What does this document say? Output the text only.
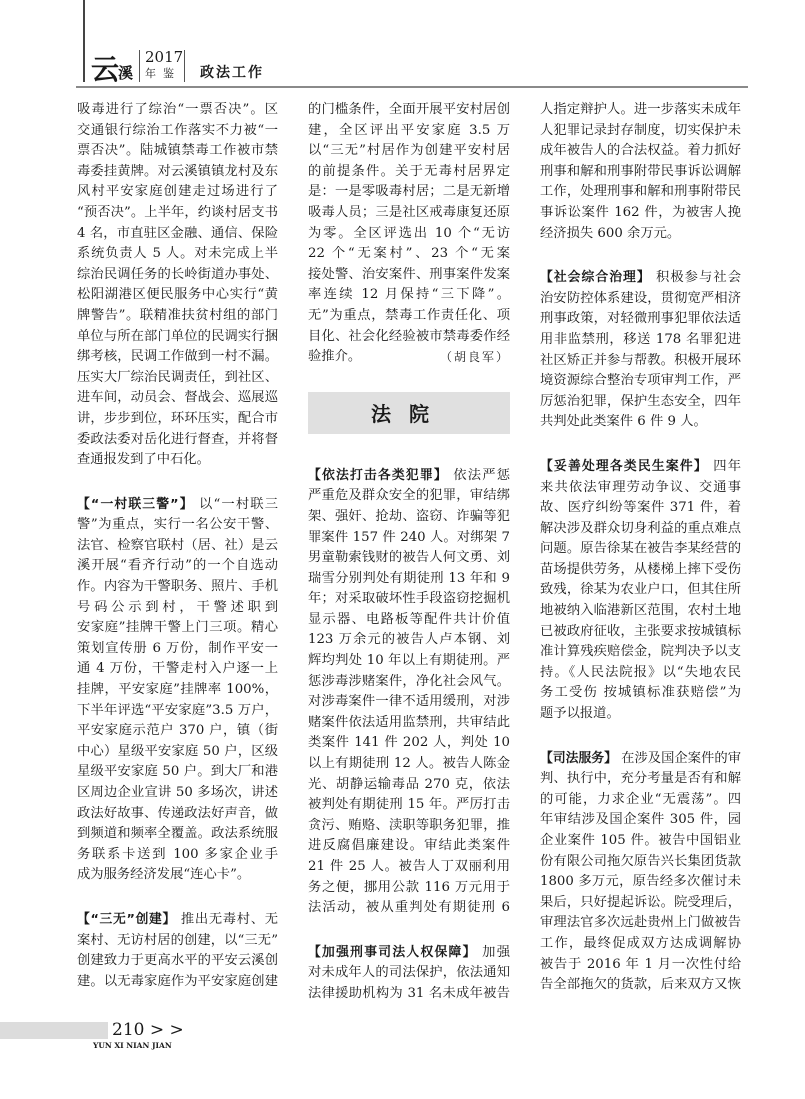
云
溪
2017
年鉴 政法工作
吸毒进行了综治“一票否决”。区
交通银行综治工作落实不力被“一
票否决”。陆城镇禁毒工作被市禁
毒委挂黄牌。对云溪镇镇龙村及东
风村平安家庭创建走过场进行了
“预否决”。上半年，约谈村居支书
4 名，市直驻区金融、通信、保险
系统负责人 5 人。对未完成上半
综治民调任务的长岭街道办事处、
松阳湖港区便民服务中心实行“黄
牌警告”。联精准扶贫村组的部门
单位与所在部门单位的民调实行捆
绑考核，民调工作做到一村不漏。
压实大厂综治民调责任，到社区、
进车间，动员会、督战会、巡展巡
讲，步步到位，环环压实，配合市
委政法委对岳化进行督查，并将督
查通报发到了中石化。
【“一村联三警”】 以“一村联三
警”为重点，实行一名公安干警、
法官、检察官联村（居、社）是云
溪开展“看齐行动”的一个自选动
作。内容为干警职务、照片、手机
号码公示到村，干警述职到
安家庭”挂牌干警上门三项。精心
策划宣传册 6 万份，制作平安一
通 4 万份，干警走村入户逐一上
挂牌，平安家庭”挂牌率 100%，
下半年评选“平安家庭”3.5 万户，
平安家庭示范户 370 户，镇（街
中心）星级平安家庭 50 户，区级
星级平安家庭 50 户。到大厂和港
区周边企业宣讲 50 多场次，讲述
政法好故事、传递政法好声音，做
到频道和频率全覆盖。政法系统服
务联系卡送到 100 多家企业手
成为服务经济发展“连心卡”。
【“三无”创建】 推出无毒村、无
案村、无访村居的创建，以“三无”
创建致力于更高水平的平安云溪创
建。以无毒家庭作为平安家庭创建
的门槛条件，全面开展平安村居创
建，全区评出平安家庭 3.5 万
以“三无”村居作为创建平安村居
的前提条件。关于无毒村居界定
是：一是零吸毒村居；二是无新增
吸毒人员；三是社区戒毒康复还原
为零。全区评选出 10 个“无访
22 个“无案村”、23 个“无案
接处警、治安案件、刑事案件发案
率连续 12 月保持“三下降”。
无”为重点，禁毒工作责任化、项
目化、社会化经验被市禁毒委作经
验推介。	（胡良军）
法院
【依法打击各类犯罪】 依法严惩
严重危及群众安全的犯罪，审结绑
架、强奸、抢劫、盗窃、诈骗等犯
罪案件 157 件 240 人。对绑架 7
男童勒索钱财的被告人何文勇、刘
瑞雪分别判处有期徒刑 13 年和 9
年；对采取破坏性手段盗窃挖掘机
显示器、电路板等配件共计价值
123 万余元的被告人卢本钢、刘
辉均判处 10 年以上有期徒刑。严
惩涉毒涉赌案件，净化社会风气。
对涉毒案件一律不适用缓刑，对涉
赌案件依法适用监禁刑，共审结此
类案件 141 件 202 人，判处 10
以上有期徒刑 12 人。被告人陈金
光、胡静运输毒品 270 克，依法
被判处有期徒刑 15 年。严厉打击
贪污、贿赂、渎职等职务犯罪，推
进反腐倡廉建设。审结此类案件
21 件 25 人。被告人丁双丽利用
务之便，挪用公款 116 万元用于
法活动，被从重判处有期徒刑 6
【加强刑事司法人权保障】 加强
对未成年人的司法保护，依法通知
法律援助机构为 31 名未成年被告
人指定辩护人。进一步落实未成年
人犯罪记录封存制度，切实保护未
成年被告人的合法权益。着力抓好
刑事和解和刑事附带民事诉讼调解
工作，处理刑事和解和刑事附带民
事诉讼案件 162 件，为被害人挽
经济损失 600 余万元。
【社会综合治理】 积极参与社会
治安防控体系建设，贯彻宽严相济
刑事政策，对轻微刑事犯罪依法适
用非监禁刑，移送 178 名罪犯进
社区矫正并参与帮教。积极开展环
境资源综合整治专项审判工作，严
厉惩治犯罪，保护生态安全，四年
共判处此类案件 6 件 9 人。
【妥善处理各类民生案件】 四年
来共依法审理劳动争议、交通事
故、医疗纠纷等案件 371 件，着
解决涉及群众切身利益的重点难点
问题。原告徐某在被告李某经营的
苗场提供劳务，从楼梯上摔下受伤
致残，徐某为农业户口，但其住所
地被纳入临港新区范围，农村土地
已被政府征收，主张要求按城镇标
准计算残疾赔偿金，院判决予以支
持。《人民法院报》以“失地农民
务工受伤 按城镇标准获赔偿”为
题予以报道。
【司法服务】 在涉及国企案件的审
判、执行中，充分考量是否有和解
的可能，力求企业“无震荡”。四
年审结涉及国企案件 305 件，园
企业案件 105 件。被告中国铝业
份有限公司拖欠原告兴长集团货款
1800 多万元，原告经多次催讨未
果后，只好提起诉讼。院受理后，
审理法官多次远赴贵州上门做被告
工作，最终促成双方达成调解协
被告于 2016 年 1 月一次性付给
告全部拖欠的货款，后来双方又恢
210 > >
YUN XI NIAN JIAN
